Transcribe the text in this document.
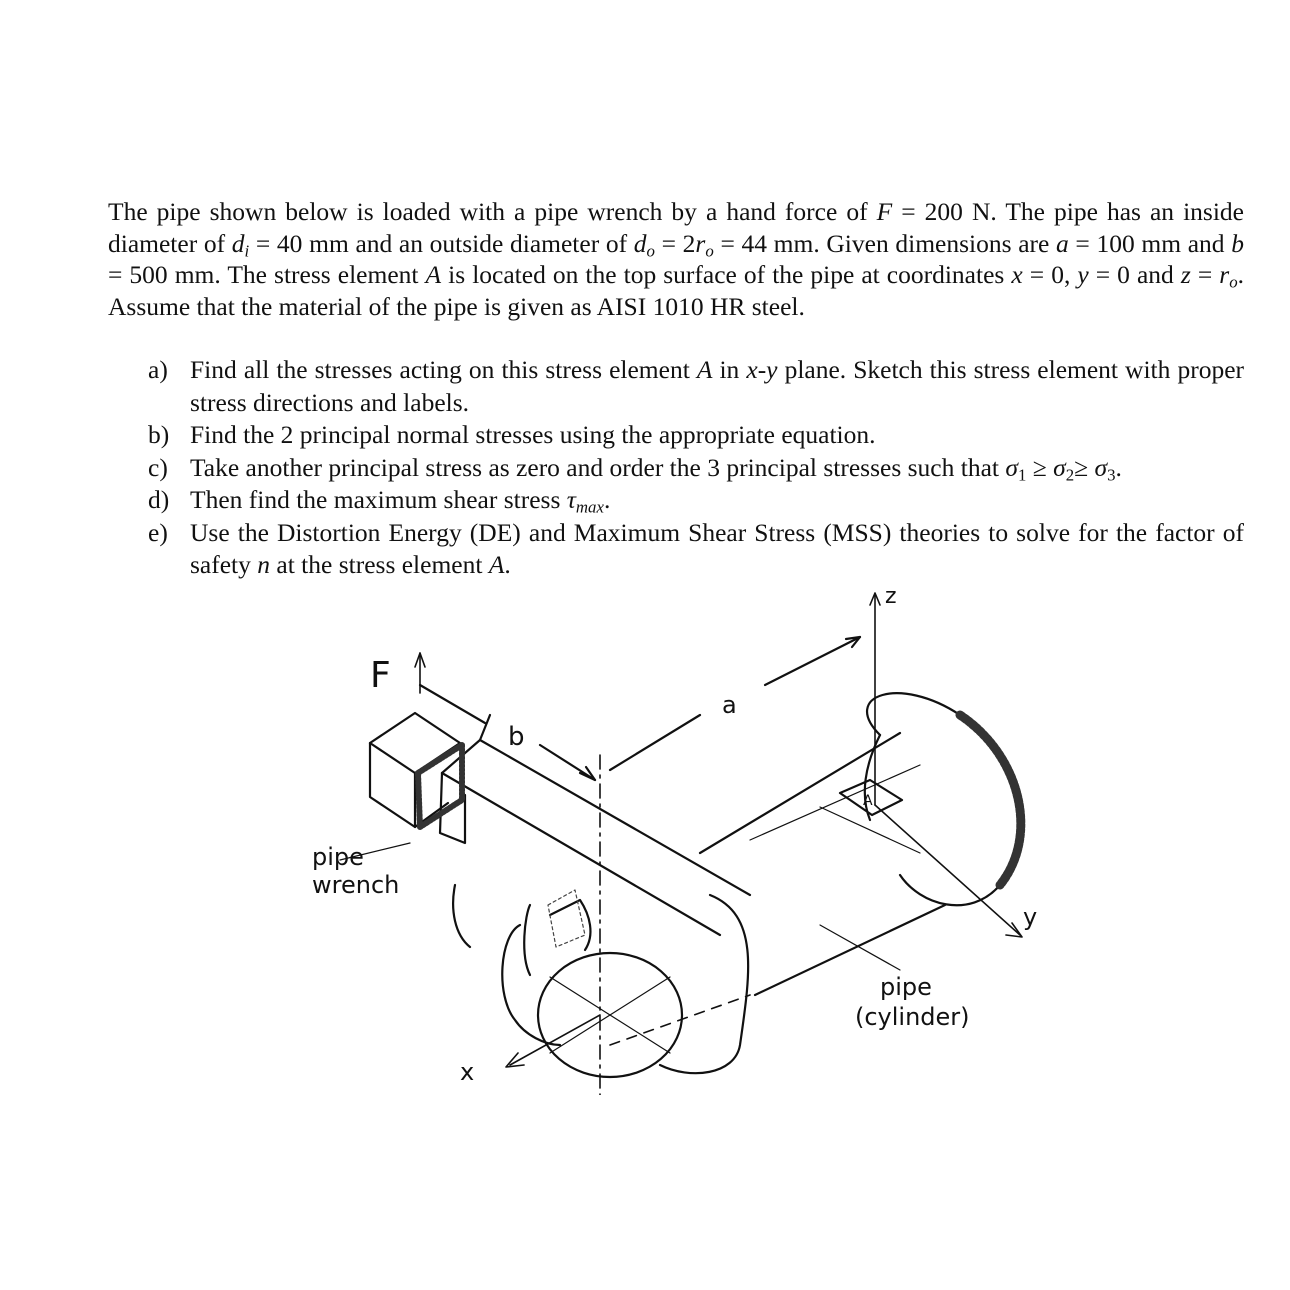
The pipe shown below is loaded with a pipe wrench by a hand force of F = 200 N. The pipe has an inside diameter of $d_i = 40$ mm and an outside diameter of $d_o = 2r_o = 44$ mm. Given dimensions are a = 100 mm and b = 500 mm. The stress element A is located on the top surface of the pipe at coordinates x = 0, y = 0 and $z = r_o$. Assume that the material of the pipe is given as AISI 1010 HR steel.
a) Find all the stresses acting on this stress element A in x-y plane. Sketch this stress element with proper stress directions and labels.
b) Find the 2 principal normal stresses using the appropriate equation.
c) Take another principal stress as zero and order the 3 principal stresses such that σ1 ≥ σ2≥ σ3.
d) Then find the maximum shear stress $\tau_{max}$.
e) Use the Distortion Energy (DE) and Maximum Shear Stress (MSS) theories to solve for the factor of safety n at the stress element A.
F
b
a
z
A
x
y
pipe
wrench
pipe
(cylinder)
